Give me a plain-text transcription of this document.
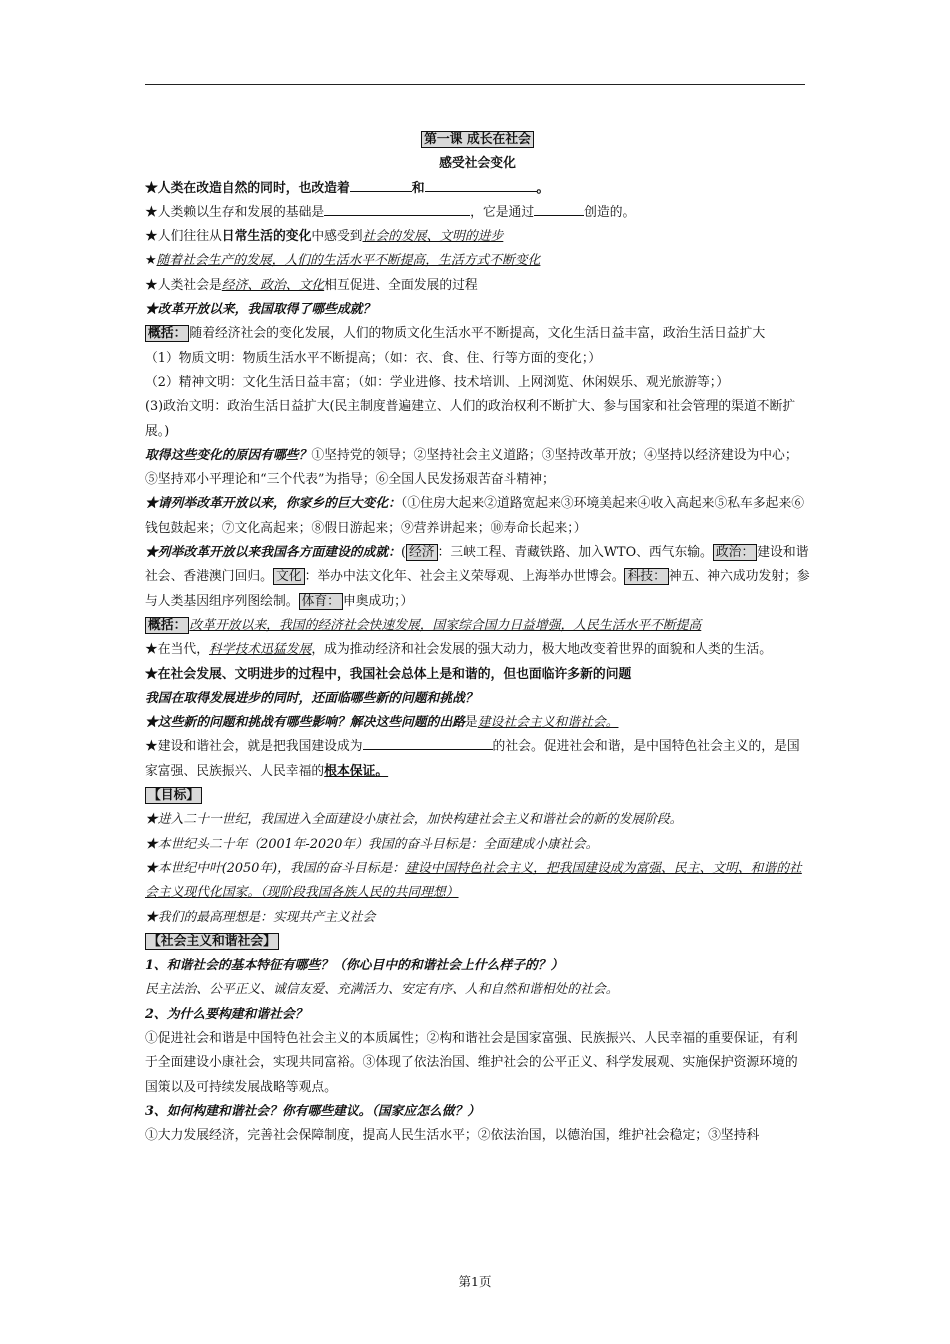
第一课 成长在社会

感受社会变化

★人类在改造自然的同时，也改造着	和	。

★人类赖以生存和发展的基础是	，它是通过	创造的。

★人们往往从日常生活的变化中感受到社会的发展、文明的进步

★随着社会生产的发展，人们的生活水平不断提高，生活方式不断变化

★人类社会是经济、政治、文化相互促进、全面发展的过程

★改革开放以来，我国取得了哪些成就？

概括： 随着经济社会的变化发展，人们的物质文化生活水平不断提高，文化生活日益丰富，政治生活日益扩大

（1）物质文明：物质生活水平不断提高；（如：衣、食、住、行等方面的变化；）

（2）精神文明：文化生活日益丰富；（如：学业进修、技术培训、上网浏览、休闲娱乐、观光旅游等；）

(3)政治文明：政治生活日益扩大(民主制度普遍建立、人们的政治权利不断扩大、参与国家和社会管理的渠道不断扩展。)

取得这些变化的原因有哪些？①坚持党的领导；②坚持社会主义道路；③坚持改革开放；④坚持以经济建设为中心；⑤坚持邓小平理论和“三个代表”为指导；⑥全国人民发扬艰苦奋斗精神；

★请列举改革开放以来，你家乡的巨大变化：（①住房大起来②道路宽起来③环境美起来④收入高起来⑤私车多起来⑥钱包鼓起来；⑦文化高起来；⑧假日游起来；⑨营养讲起来；⑩寿命长起来；）

★列举改革开放以来我国各方面建设的成就：( 经济 ：三峡工程、青藏铁路、加入WTO、西气东输。 政治： 建设和谐社会、香港澳门回归。 文化 ：举办中法文化年、社会主义荣辱观、上海举办世博会。 科技： 神五、神六成功发射；参与人类基因组序列图绘制。 体育： 申奥成功；）

概括： 改革开放以来，我国的经济社会快速发展，国家综合国力日益增强，人民生活水平不断提高

★在当代，科学技术迅猛发展，成为推动经济和社会发展的强大动力，极大地改变着世界的面貌和人类的生活。

★在社会发展、文明进步的过程中，我国社会总体上是和谐的，但也面临许多新的问题

我国在取得发展进步的同时，还面临哪些新的问题和挑战？

★这些新的问题和挑战有哪些影响？解决这些问题的出路是建设社会主义和谐社会。

★建设和谐社会，就是把我国建设成为	的社会。促进社会和谐，是中国特色社会主义的，是国家富强、民族振兴、人民幸福的根本保证。

【目标】

★进入二十一世纪，我国进入全面建设小康社会，加快构建社会主义和谐社会的新的发展阶段。

★本世纪头二十年（2001年-2020年）我国的奋斗目标是：全面建成小康社会。

★本世纪中叶(2050年)，我国的奋斗目标是：建设中国特色社会主义，把我国建设成为富强、民主、文明、和谐的社会主义现代化国家。（现阶段我国各族人民的共同理想）

★我们的最高理想是：实现共产主义社会

【社会主义和谐社会】

1、和谐社会的基本特征有哪些？（你心目中的和谐社会上什么样子的？）

民主法治、公平正义、诚信友爱、充满活力、安定有序、人和自然和谐相处的社会。

2、为什么要构建和谐社会？

①促进社会和谐是中国特色社会主义的本质属性；②构和谐社会是国家富强、民族振兴、人民幸福的重要保证，有利于全面建设小康社会，实现共同富裕。③体现了依法治国、维护社会的公平正义、科学发展观、实施保护资源环境的国策以及可持续发展战略等观点。

3、如何构建和谐社会？你有哪些建议。（国家应怎么做？）

①大力发展经济，完善社会保障制度，提高人民生活水平；②依法治国，以德治国，维护社会稳定；③坚持科

第1页
